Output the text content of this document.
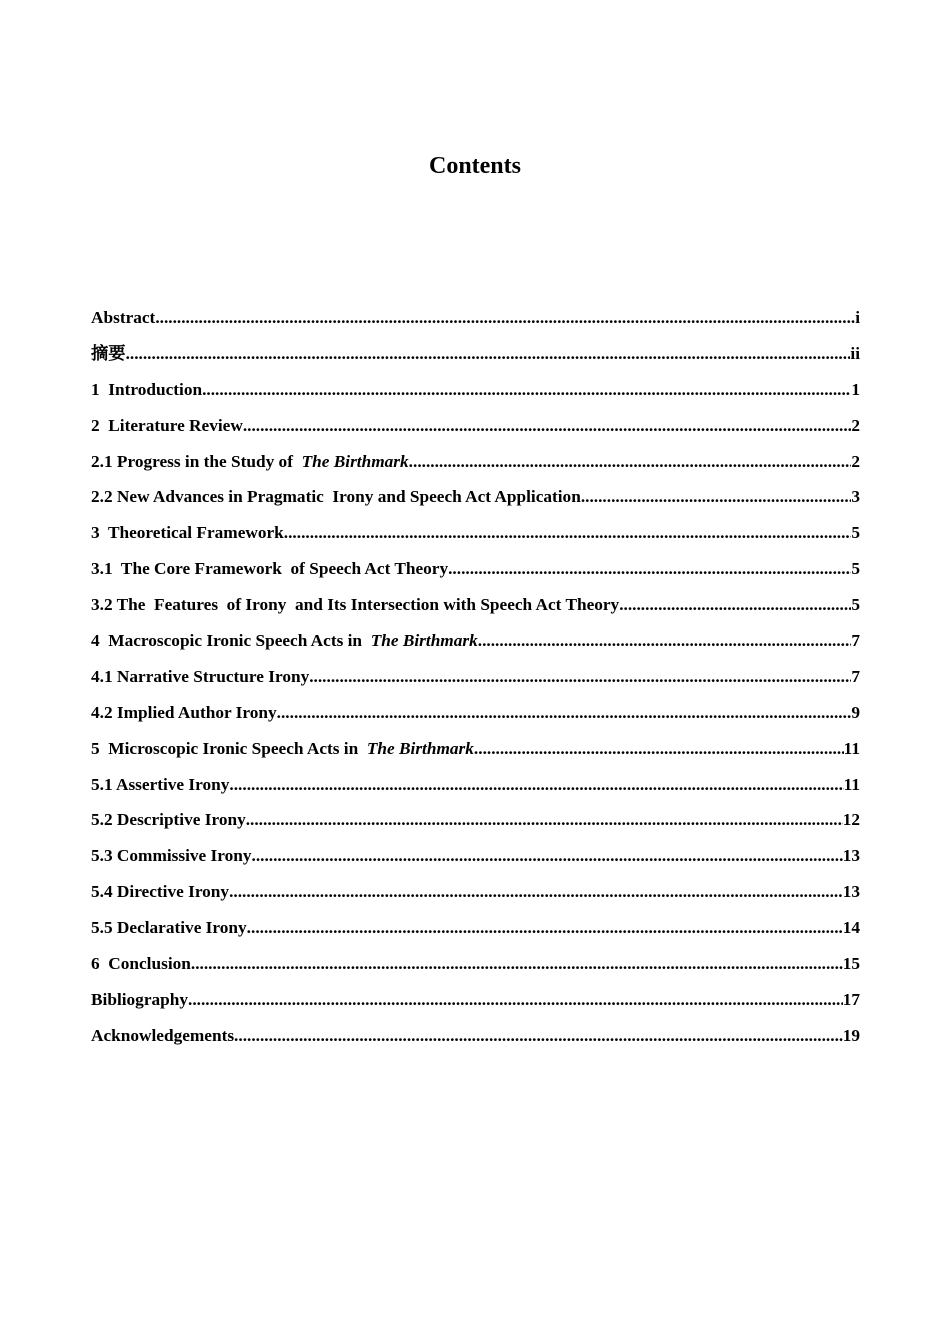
Contents
Abstract .....	i
摘要 .....	ii
1  Introduction .....	1
2  Literature Review .....	2
2.1 Progress in the Study of  The Birthmark .....	2
2.2 New Advances in Pragmatic  Irony and Speech Act Application .....	3
3  Theoretical Framework .....	5
3.1  The Core Framework  of Speech Act Theory .....	5
3.2 The  Features  of Irony  and Its Intersection with Speech Act Theory .....	5
4  Macroscopic Ironic Speech Acts in  The Birthmark .....	7
4.1 Narrative Structure Irony .....	7
4.2 Implied Author Irony .....	9
5  Microscopic Ironic Speech Acts in  The Birthmark .....	11
5.1 Assertive Irony .....	11
5.2 Descriptive Irony .....	12
5.3 Commissive Irony .....	13
5.4 Directive Irony .....	13
5.5 Declarative Irony .....	14
6  Conclusion .....	15
Bibliography .....	17
Acknowledgements .....	19
